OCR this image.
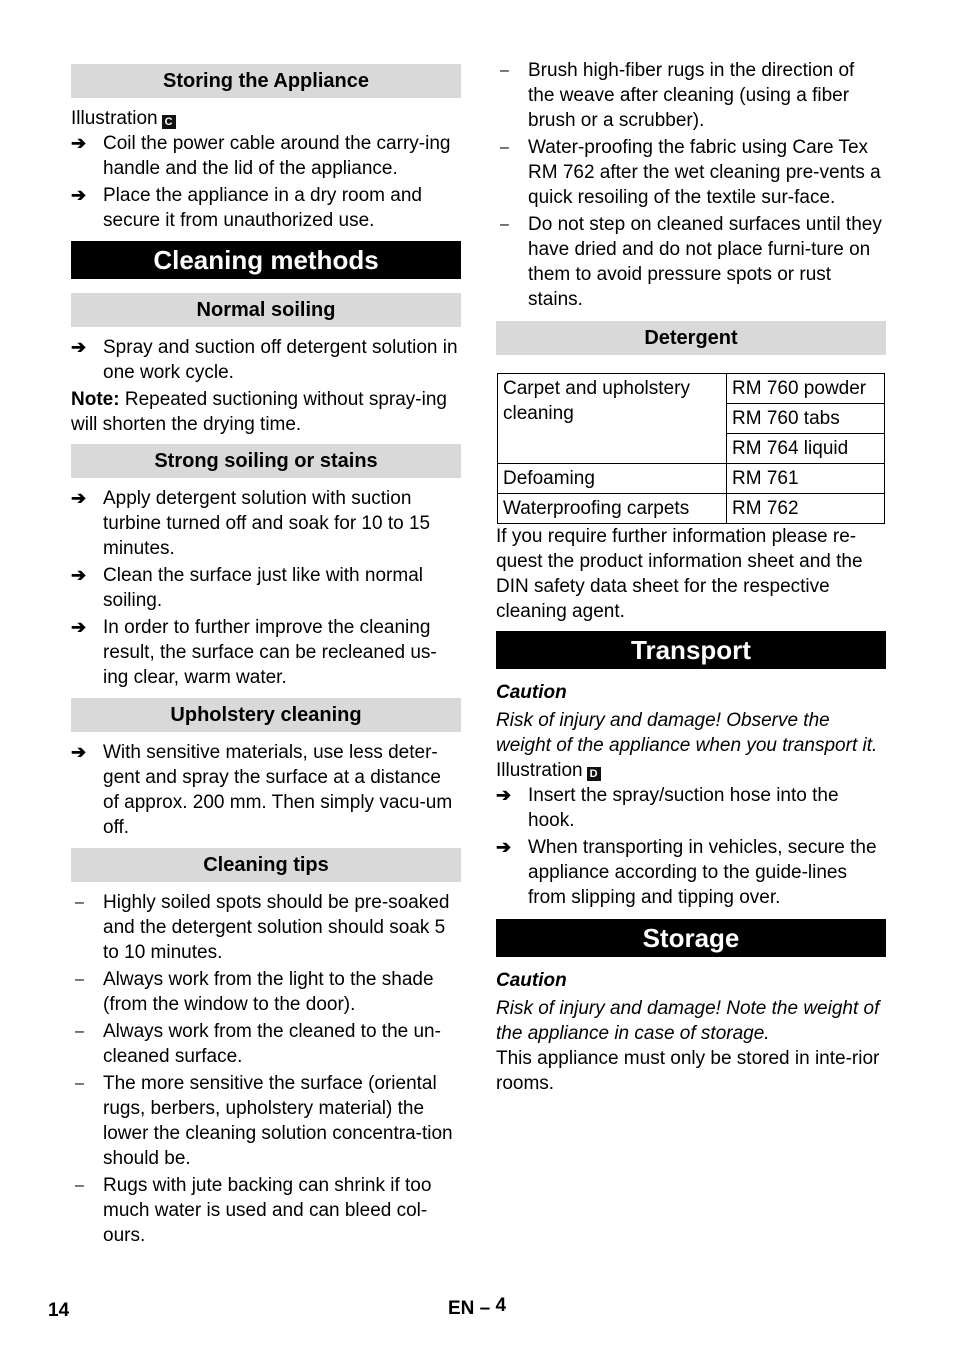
Storing the Appliance

Illustration C

➔ Coil the power cable around the carry-ing handle and the lid of the appliance.
➔ Place the appliance in a dry room and secure it from unauthorized use.
Cleaning methods
Normal soiling
➔ Spray and suction off detergent solution in one work cycle.

Note: Repeated suctioning without spray-ing will shorten the drying time.

Strong soiling or stains
➔ Apply detergent solution with suction turbine turned off and soak for 10 to 15 minutes.
➔ Clean the surface just like with normal soiling.
➔ In order to further improve the cleaning result, the surface can be recleaned us-ing clear, warm water.
Upholstery cleaning
➔ With sensitive materials, use less deter-gent and spray the surface at a distance of approx. 200 mm. Then simply vacu-um off.
Cleaning tips
–	Highly soiled spots should be pre-soaked and the detergent solution should soak 5 to 10 minutes.
–	Always work from the light to the shade (from the window to the door).
–	Always work from the cleaned to the un-cleaned surface.
–	The more sensitive the surface (oriental rugs, berbers, upholstery material) the lower the cleaning solution concentra-tion should be.
–	Rugs with jute backing can shrink if too much water is used and can bleed col-ours.
–	Brush high-fiber rugs in the direction of the weave after cleaning (using a fiber brush or a scrubber).
–	Water-proofing the fabric using Care Tex RM 762 after the wet cleaning pre-vents a quick resoiling of the textile sur-face.
–	Do not step on cleaned surfaces until they have dried and do not place furni-ture on them to avoid pressure spots or rust stains.
Detergent
Carpet and upholstery cleaning	RM 760 powder
	RM 760 tabs
	RM 764 liquid
Defoaming	RM 761
Waterproofing carpets	RM 762

If you require further information please re-quest the product information sheet and the DIN safety data sheet for the respective cleaning agent.

Transport

Caution

Risk of injury and damage! Observe the weight of the appliance when you transport it.

Illustration D

➔ Insert the spray/suction hose into the hook.
➔ When transporting in vehicles, secure the appliance according to the guide-lines from slipping and tipping over.
Storage

Caution

Risk of injury and damage! Note the weight of the appliance in case of storage.

This appliance must only be stored in inte-rior rooms.

14	EN – 4
